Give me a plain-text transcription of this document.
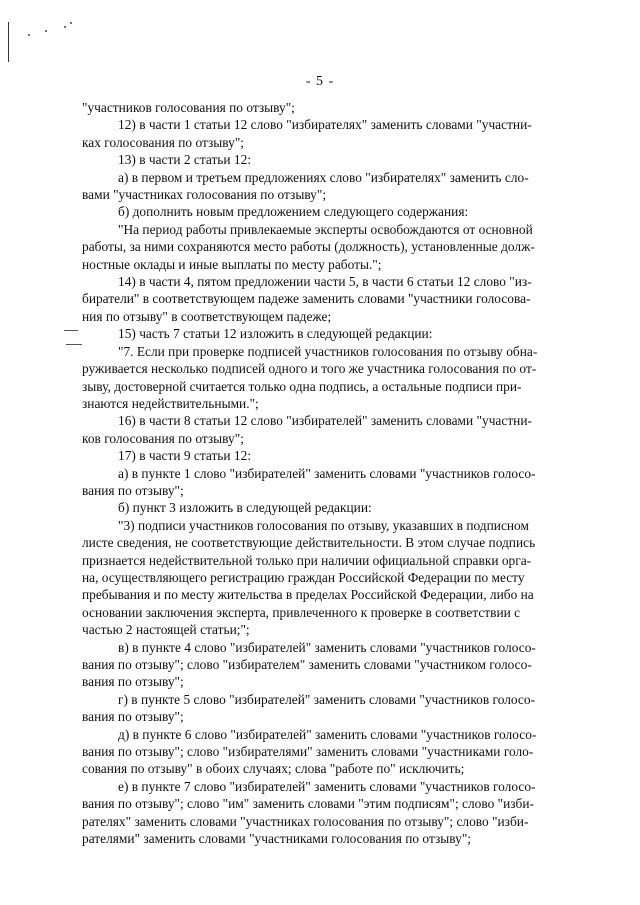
- 5 -
"участников голосования по отзыву";
12) в части 1 статьи 12 слово "избирателях" заменить словами "участни-
ках голосования по отзыву";
13) в части 2 статьи 12:
а) в первом и третьем предложениях слово "избирателях" заменить сло-
вами "участниках голосования по отзыву";
б) дополнить новым предложением следующего содержания:
"На период работы привлекаемые эксперты освобождаются от основной
работы, за ними сохраняются место работы (должность), установленные долж-
ностные оклады и иные выплаты по месту работы.";
14) в части 4, пятом предложении части 5, в части 6 статьи 12 слово "из-
биратели" в соответствующем падеже заменить словами "участники голосова-
ния по отзыву" в соответствующем падеже;
15) часть 7 статьи 12 изложить в следующей редакции:
"7. Если при проверке подписей участников голосования по отзыву обна-
руживается несколько подписей одного и того же участника голосования по от-
зыву, достоверной считается только одна подпись, а остальные подписи при-
знаются недействительными.";
16) в части 8 статьи 12 слово "избирателей" заменить словами "участни-
ков голосования по отзыву";
17) в части 9 статьи 12:
а) в пункте 1 слово "избирателей" заменить словами "участников голосо-
вания по отзыву";
б) пункт 3 изложить в следующей редакции:
"3) подписи участников голосования по отзыву, указавших в подписном
листе сведения, не соответствующие действительности. В этом случае подпись
признается недействительной только при наличии официальной справки орга-
на, осуществляющего регистрацию граждан Российской Федерации по месту
пребывания и по месту жительства в пределах Российской Федерации, либо на
основании заключения эксперта, привлеченного к проверке в соответствии с
частью 2 настоящей статьи;";
в) в пункте 4 слово "избирателей" заменить словами "участников голосо-
вания по отзыву"; слово "избирателем" заменить словами "участником голосо-
вания по отзыву";
г) в пункте 5 слово "избирателей" заменить словами "участников голосо-
вания по отзыву";
д) в пункте 6 слово "избирателей" заменить словами "участников голосо-
вания по отзыву"; слово "избирателями" заменить словами "участниками голо-
сования по отзыву" в обоих случаях; слова "работе по" исключить;
е) в пункте 7 слово "избирателей" заменить словами "участников голосо-
вания по отзыву"; слово "им" заменить словами "этим подписям"; слово "изби-
рателях" заменить словами "участниках голосования по отзыву"; слово "изби-
рателями" заменить словами "участниками голосования по отзыву";
